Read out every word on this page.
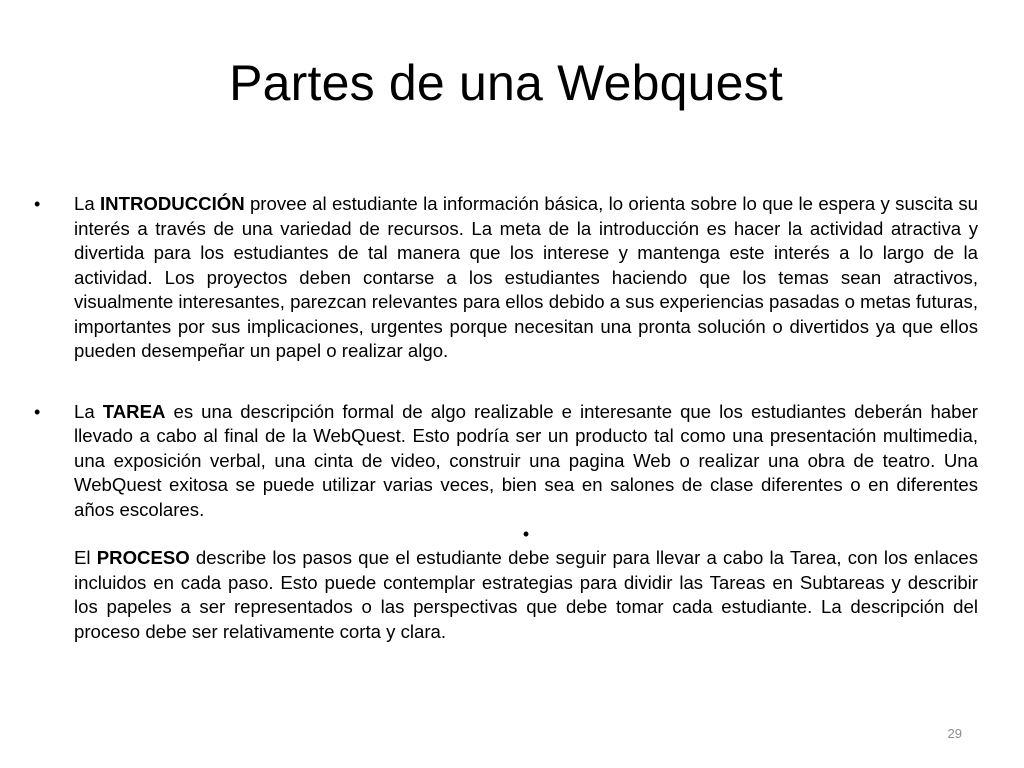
Partes de una Webquest
•	La INTRODUCCIÓN provee al estudiante la información básica, lo orienta sobre lo que le espera y suscita su interés a través de una variedad de recursos. La meta de la introducción es hacer la actividad atractiva y divertida para los estudiantes de tal manera que los interese y mantenga este interés a lo largo de la actividad. Los proyectos deben contarse a los estudiantes haciendo que los temas sean atractivos, visualmente interesantes, parezcan relevantes para ellos debido a sus experiencias pasadas o metas futuras, importantes por sus implicaciones, urgentes porque necesitan una pronta solución o divertidos ya que ellos pueden desempeñar un papel o realizar algo.
•	La TAREA es una descripción formal de algo realizable e interesante que los estudiantes deberán haber llevado a cabo al final de la WebQuest. Esto podría ser un producto tal como una presentación multimedia, una exposición verbal, una cinta de video, construir una pagina Web o realizar una obra de teatro. Una WebQuest exitosa se puede utilizar varias veces, bien sea en salones de clase diferentes o en diferentes años escolares.
•
El PROCESO describe los pasos que el estudiante debe seguir para llevar a cabo la Tarea, con los enlaces incluidos en cada paso. Esto puede contemplar estrategias para dividir las Tareas en Subtareas y describir los papeles a ser representados o las perspectivas que debe tomar cada estudiante. La descripción del proceso debe ser relativamente corta y clara.
29
